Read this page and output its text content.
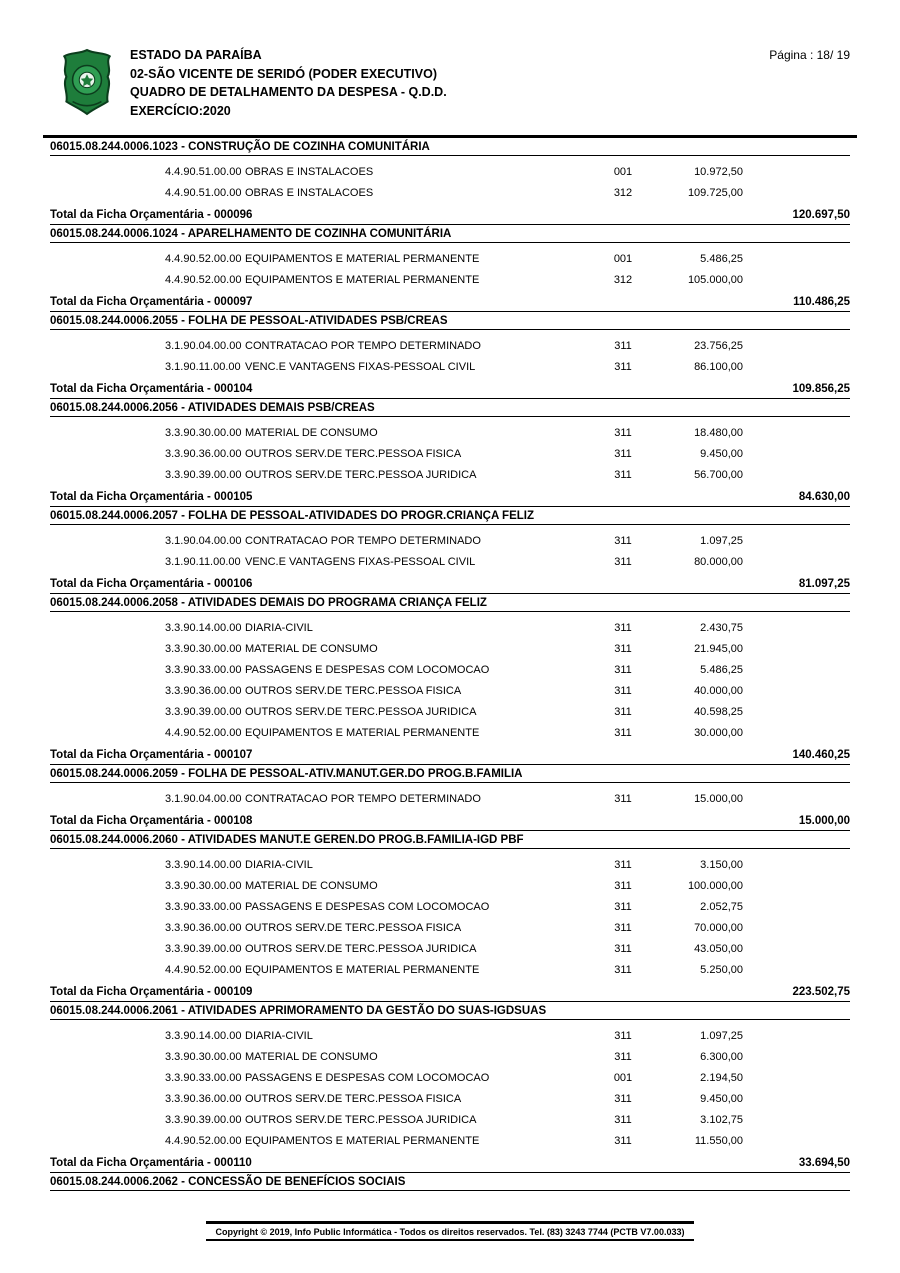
ESTADO DA PARAÍBA
02-SÃO VICENTE DE SERIDÓ (PODER EXECUTIVO)
QUADRO DE DETALHAMENTO DA DESPESA - Q.D.D.
EXERCÍCIO:2020
Página : 18/ 19
06015.08.244.0006.1023 - CONSTRUÇÃO DE COZINHA COMUNITÁRIA
4.4.90.51.00.00 OBRAS E INSTALACOES	001	10.972,50
4.4.90.51.00.00 OBRAS E INSTALACOES	312	109.725,00
Total da Ficha Orçamentária - 000096	120.697,50
06015.08.244.0006.1024 - APARELHAMENTO DE COZINHA COMUNITÁRIA
4.4.90.52.00.00 EQUIPAMENTOS E MATERIAL PERMANENTE	001	5.486,25
4.4.90.52.00.00 EQUIPAMENTOS E MATERIAL PERMANENTE	312	105.000,00
Total da Ficha Orçamentária - 000097	110.486,25
06015.08.244.0006.2055 - FOLHA DE PESSOAL-ATIVIDADES PSB/CREAS
3.1.90.04.00.00 CONTRATACAO POR TEMPO DETERMINADO	311	23.756,25
3.1.90.11.00.00 VENC.E VANTAGENS FIXAS-PESSOAL CIVIL	311	86.100,00
Total da Ficha Orçamentária - 000104	109.856,25
06015.08.244.0006.2056 - ATIVIDADES DEMAIS PSB/CREAS
3.3.90.30.00.00 MATERIAL DE CONSUMO	311	18.480,00
3.3.90.36.00.00 OUTROS SERV.DE TERC.PESSOA FISICA	311	9.450,00
3.3.90.39.00.00 OUTROS SERV.DE TERC.PESSOA JURIDICA	311	56.700,00
Total da Ficha Orçamentária - 000105	84.630,00
06015.08.244.0006.2057 - FOLHA DE PESSOAL-ATIVIDADES DO PROGR.CRIANÇA FELIZ
3.1.90.04.00.00 CONTRATACAO POR TEMPO DETERMINADO	311	1.097,25
3.1.90.11.00.00 VENC.E VANTAGENS FIXAS-PESSOAL CIVIL	311	80.000,00
Total da Ficha Orçamentária - 000106	81.097,25
06015.08.244.0006.2058 - ATIVIDADES DEMAIS DO PROGRAMA CRIANÇA FELIZ
3.3.90.14.00.00 DIARIA-CIVIL	311	2.430,75
3.3.90.30.00.00 MATERIAL DE CONSUMO	311	21.945,00
3.3.90.33.00.00 PASSAGENS E DESPESAS COM LOCOMOCAO	311	5.486,25
3.3.90.36.00.00 OUTROS SERV.DE TERC.PESSOA FISICA	311	40.000,00
3.3.90.39.00.00 OUTROS SERV.DE TERC.PESSOA JURIDICA	311	40.598,25
4.4.90.52.00.00 EQUIPAMENTOS E MATERIAL PERMANENTE	311	30.000,00
Total da Ficha Orçamentária - 000107	140.460,25
06015.08.244.0006.2059 - FOLHA DE PESSOAL-ATIV.MANUT.GER.DO PROG.B.FAMILIA
3.1.90.04.00.00 CONTRATACAO POR TEMPO DETERMINADO	311	15.000,00
Total da Ficha Orçamentária - 000108	15.000,00
06015.08.244.0006.2060 - ATIVIDADES MANUT.E GEREN.DO PROG.B.FAMILIA-IGD PBF
3.3.90.14.00.00 DIARIA-CIVIL	311	3.150,00
3.3.90.30.00.00 MATERIAL DE CONSUMO	311	100.000,00
3.3.90.33.00.00 PASSAGENS E DESPESAS COM LOCOMOCAO	311	2.052,75
3.3.90.36.00.00 OUTROS SERV.DE TERC.PESSOA FISICA	311	70.000,00
3.3.90.39.00.00 OUTROS SERV.DE TERC.PESSOA JURIDICA	311	43.050,00
4.4.90.52.00.00 EQUIPAMENTOS E MATERIAL PERMANENTE	311	5.250,00
Total da Ficha Orçamentária - 000109	223.502,75
06015.08.244.0006.2061 - ATIVIDADES APRIMORAMENTO DA GESTÃO DO SUAS-IGDSUAS
3.3.90.14.00.00 DIARIA-CIVIL	311	1.097,25
3.3.90.30.00.00 MATERIAL DE CONSUMO	311	6.300,00
3.3.90.33.00.00 PASSAGENS E DESPESAS COM LOCOMOCAO	001	2.194,50
3.3.90.36.00.00 OUTROS SERV.DE TERC.PESSOA FISICA	311	9.450,00
3.3.90.39.00.00 OUTROS SERV.DE TERC.PESSOA JURIDICA	311	3.102,75
4.4.90.52.00.00 EQUIPAMENTOS E MATERIAL PERMANENTE	311	11.550,00
Total da Ficha Orçamentária - 000110	33.694,50
06015.08.244.0006.2062 - CONCESSÃO DE BENEFÍCIOS SOCIAIS
Copyright © 2019, Info Public Informática - Todos os direitos reservados. Tel. (83) 3243 7744 (PCTB V7.00.033)
